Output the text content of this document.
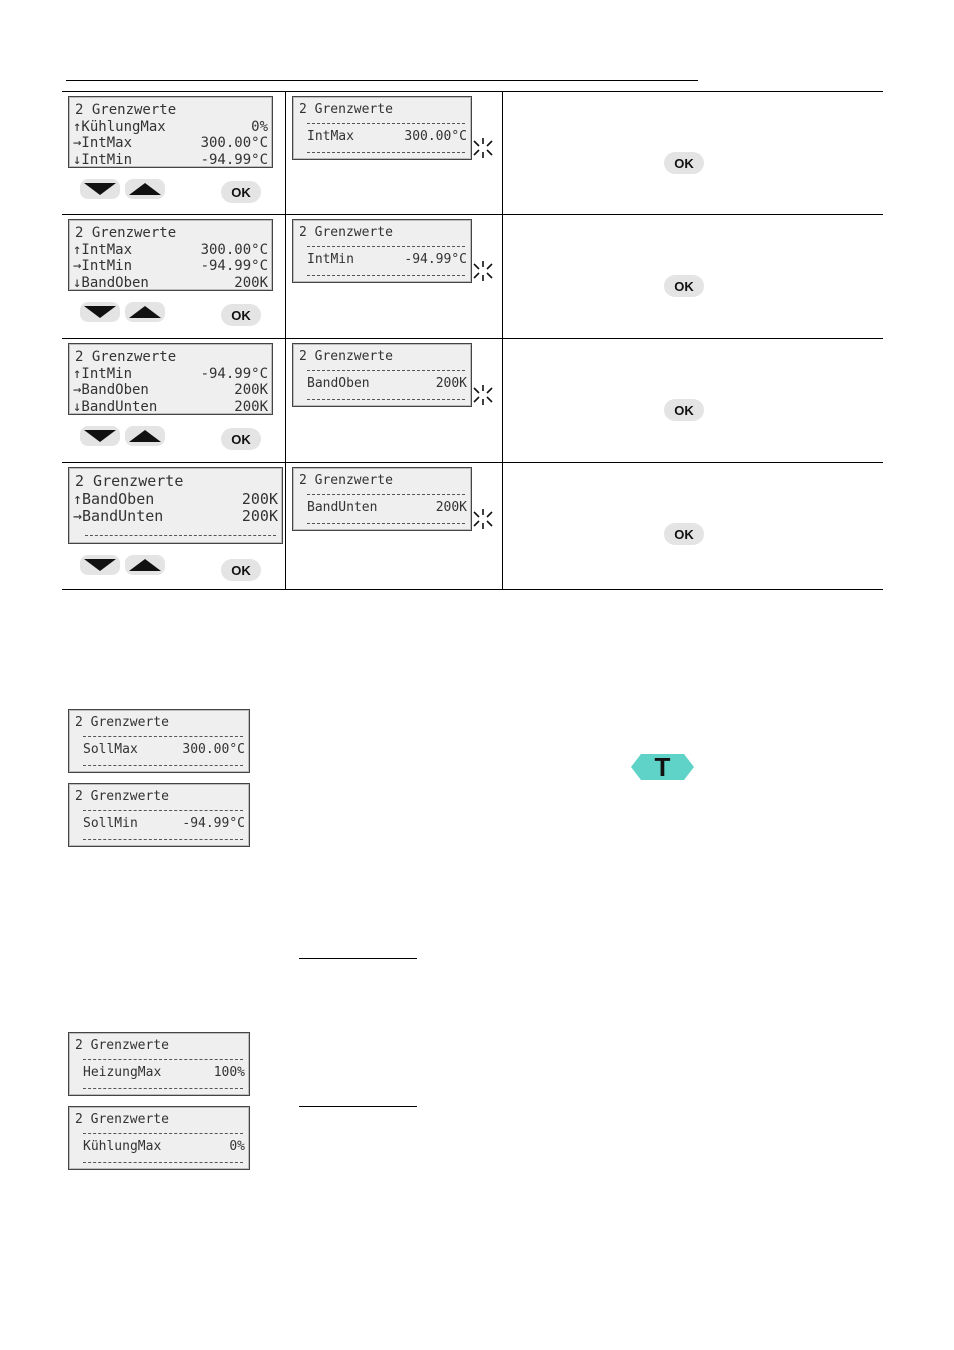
2 Grenzwerte
↑KühlungMax	0%
→IntMax	300.00°C
↓IntMin	-94.99°C
OK
2 Grenzwerte
IntMax	300.00°C
OK
2 Grenzwerte
↑IntMax	300.00°C
→IntMin	-94.99°C
↓BandOben	200K
OK
2 Grenzwerte
IntMin	-94.99°C
OK
2 Grenzwerte
↑IntMin	-94.99°C
→BandOben	200K
↓BandUnten	200K
OK
2 Grenzwerte
BandOben	200K
OK
2 Grenzwerte
↑BandOben	200K
→BandUnten	200K
OK
2 Grenzwerte
BandUnten	200K
OK
2 Grenzwerte
SollMax	300.00°C
2 Grenzwerte
SollMin	-94.99°C
T
2 Grenzwerte
HeizungMax	100%
2 Grenzwerte
KühlungMax	0%
